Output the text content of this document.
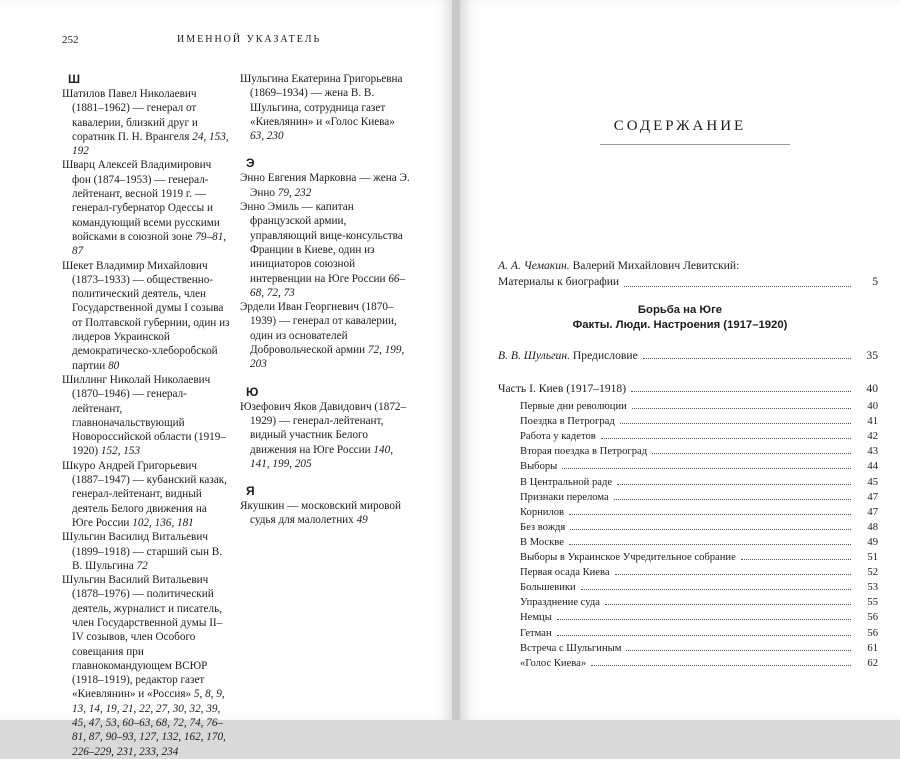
252	ИМЕННОЙ УКАЗАТЕЛЬ
Ш
Шатилов Павел Николаевич (1881–1962) — генерал от кавалерии, близкий друг и соратник П. Н. Врангеля 24, 153, 192
Шварц Алексей Владимирович фон (1874–1953) — генерал-лейтенант, весной 1919 г. — генерал-губернатор Одессы и командующий всеми русскими войсками в союзной зоне 79–81, 87
Шекет Владимир Михайлович (1873–1933) — общественно-политический деятель, член Государственной думы I созыва от Полтавской губернии, один из лидеров Украинской демократическо-хлеборобской партии 80
Шиллинг Николай Николаевич (1870–1946) — генерал-лейтенант, главноначальствующий Новороссийской области (1919–1920) 152, 153
Шкуро Андрей Григорьевич (1887–1947) — кубанский казак, генерал-лейтенант, видный деятель Белого движения на Юге России 102, 136, 181
Шульгин Василид Витальевич (1899–1918) — старший сын В. В. Шульгина 72
Шульгин Василий Витальевич (1878–1976) — политический деятель, журналист и писатель, член Государственной думы II–IV созывов, член Особого совещания при главнокомандующем ВСЮР (1918–1919), редактор газет «Киевлянин» и «Россия» 5, 8, 9, 13, 14, 19, 21, 22, 27, 30, 32, 39, 45, 47, 53, 60–63, 68, 72, 74, 76–81, 87, 90–93, 127, 132, 162, 170, 226–229, 231, 233, 234
Шульгина Екатерина Григорьевна (1869–1934) — жена В. В. Шульгина, сотрудница газет «Киевлянин» и «Голос Киева» 63, 230
Э
Энно Евгения Марковна — жена Э. Энно 79, 232
Энно Эмиль — капитан французской армии, управляющий вице-консульства Франции в Киеве, один из инициаторов союзной интервенции на Юге России 66–68, 72, 73
Эрдели Иван Георгиевич (1870–1939) — генерал от кавалерии, один из основателей Добровольческой армии 72, 199, 203
Ю
Юзефович Яков Давидович (1872–1929) — генерал-лейтенант, видный участник Белого движения на Юге России 140, 141, 199, 205
Я
Якушкин — московский мировой судья для малолетних 49
СОДЕРЖАНИЕ
А. А. Чемакин. Валерий Михайлович Левитский:
Материалы к биографии	5
Борьба на Юге
Факты. Люди. Настроения (1917–1920)
В. В. Шульгин. Предисловие	35
Часть I. Киев (1917–1918)	40
Первые дни революции	40
Поездка в Петроград	41
Работа у кадетов	42
Вторая поездка в Петроград	43
Выборы	44
В Центральной раде	45
Признаки перелома	47
Корнилов	47
Без вождя	48
В Москве	49
Выборы в Украинское Учредительное собрание	51
Первая осада Киева	52
Большевики	53
Упразднение суда	55
Немцы	56
Гетман	56
Встреча с Шульгиным	61
«Голос Киева»	62
